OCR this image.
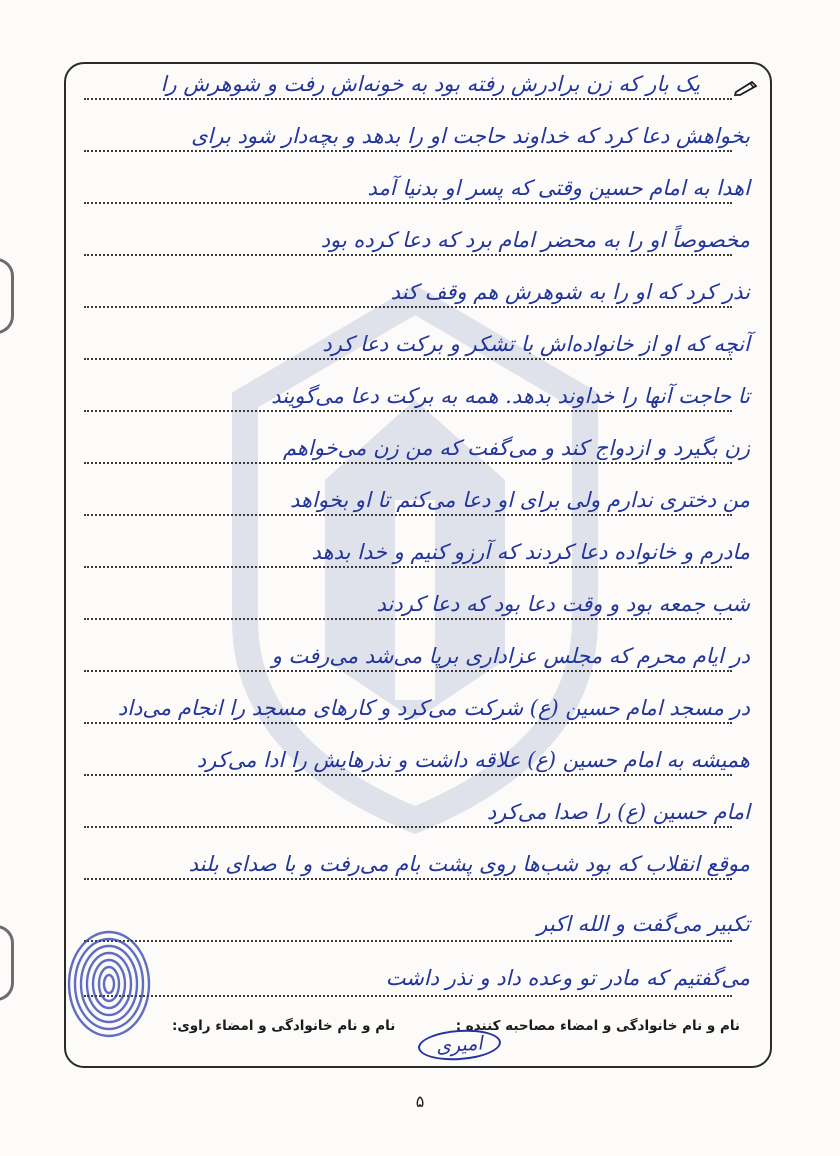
یک بار که زن برادرش رفته بود به خونه‌اش رفت و شوهرش را
بخواهش دعا کرد که خداوند حاجت او را بدهد و بچه‌دار شود برای
اهدا به امام حسین وقتی که پسر او بدنیا آمد
مخصوصاً او را به محضر امام برد که دعا کرده بود
نذر کرد که او را به شوهرش هم وقف کند
آنچه که او از خانواده‌اش با تشکر و برکت دعا کرد
تا حاجت آنها را خداوند بدهد. همه به برکت دعا می‌گویند
زن بگیرد و ازدواج کند و می‌گفت که من زن می‌خواهم
من دختری ندارم ولی برای او دعا می‌کنم تا او بخواهد
مادرم و خانواده دعا کردند که آرزو کنیم و خدا بدهد
شب جمعه بود و وقت دعا بود که دعا کردند
در ایام محرم که مجلس عزاداری برپا می‌شد می‌رفت و
در مسجد امام حسین (ع) شرکت می‌کرد و کارهای مسجد را انجام می‌داد
همیشه به امام حسین (ع) علاقه داشت و نذرهایش را ادا می‌کرد
امام حسین (ع) را صدا می‌کرد
موقع انقلاب که بود شب‌ها روی پشت بام می‌رفت و با صدای بلند
تکبیر می‌گفت و الله اکبر
می‌گفتیم که مادر تو وعده داد و نذر داشت
نام و نام خانوادگی و امضاء مصاحبه کننده :
نام و نام خانوادگی و امضاء راوی:
امیری
۵
